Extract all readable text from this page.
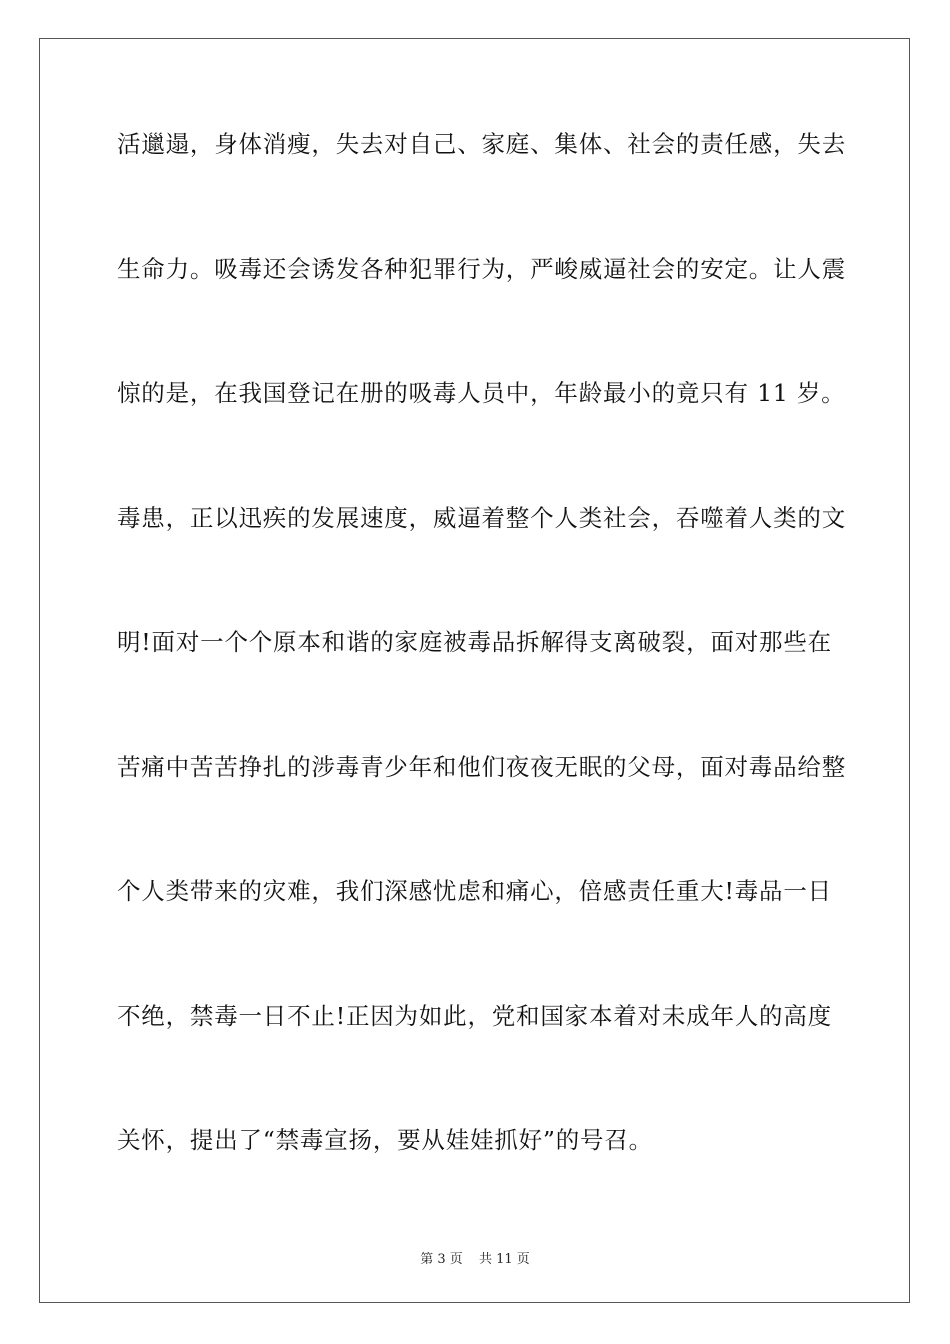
活邋遢，身体消瘦，失去对自己、家庭、集体、社会的责任感，失去
生命力。吸毒还会诱发各种犯罪行为，严峻威逼社会的安定。让人震
惊的是，在我国登记在册的吸毒人员中，年龄最小的竟只有 11 岁。
毒患，正以迅疾的发展速度，威逼着整个人类社会，吞噬着人类的文
明!面对一个个原本和谐的家庭被毒品拆解得支离破裂，面对那些在
苦痛中苦苦挣扎的涉毒青少年和他们夜夜无眠的父母，面对毒品给整
个人类带来的灾难，我们深感忧虑和痛心，倍感责任重大!毒品一日
不绝，禁毒一日不止!正因为如此，党和国家本着对未成年人的高度
关怀，提出了“禁毒宣扬，要从娃娃抓好”的号召。
第 3 页 共 11 页
